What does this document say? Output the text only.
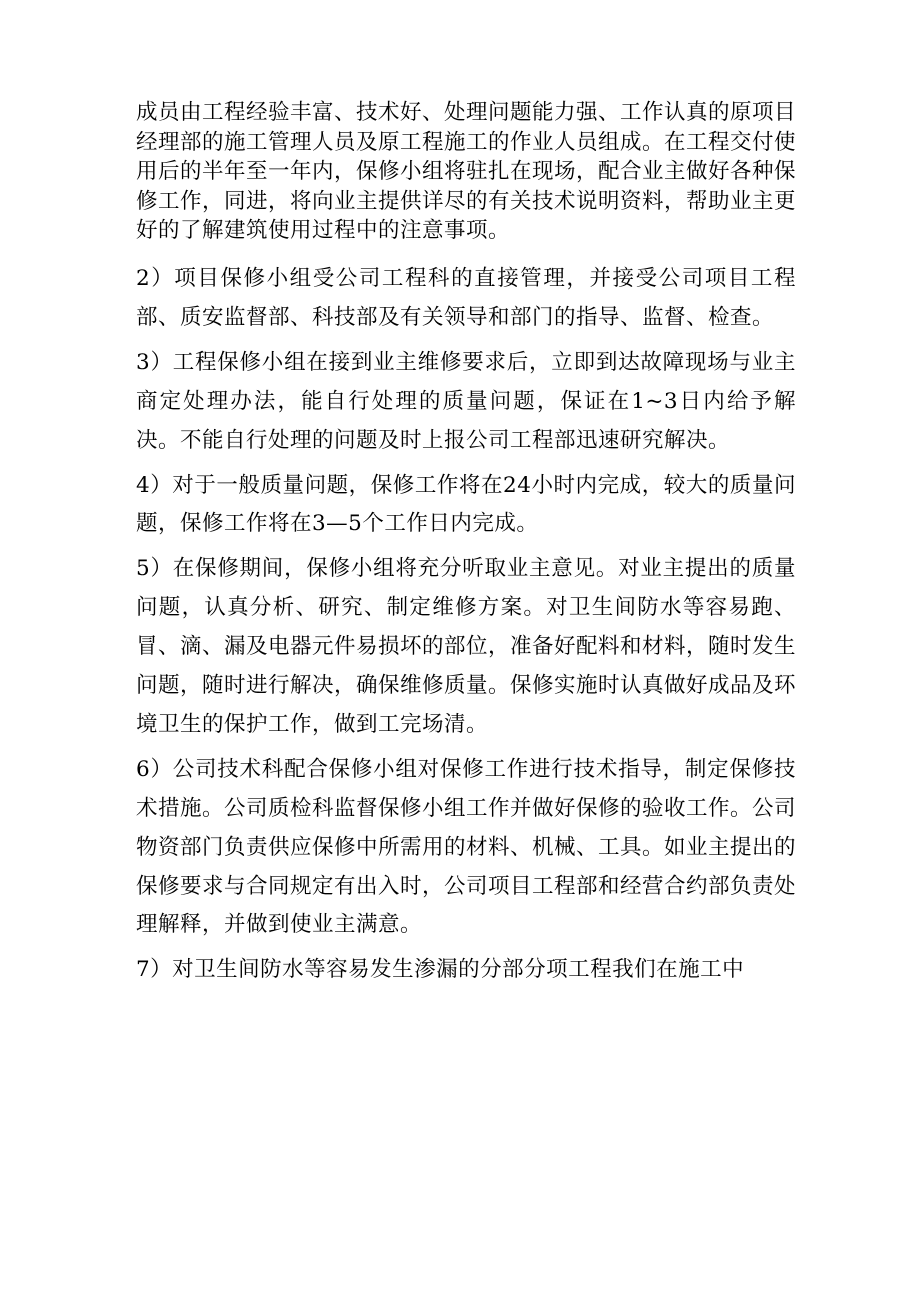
成员由工程经验丰富、技术好、处理问题能力强、工作认真的原项目经理部的施工管理人员及原工程施工的作业人员组成。在工程交付使用后的半年至一年内，保修小组将驻扎在现场，配合业主做好各种保修工作，同进，将向业主提供详尽的有关技术说明资料，帮助业主更好的了解建筑使用过程中的注意事项。

2）项目保修小组受公司工程科的直接管理，并接受公司项目工程部、质安监督部、科技部及有关领导和部门的指导、监督、检查。

3）工程保修小组在接到业主维修要求后，立即到达故障现场与业主商定处理办法，能自行处理的质量问题，保证在1~3日内给予解决。不能自行处理的问题及时上报公司工程部迅速研究解决。

4）对于一般质量问题，保修工作将在24小时内完成，较大的质量问题，保修工作将在3—5个工作日内完成。

5）在保修期间，保修小组将充分听取业主意见。对业主提出的质量问题，认真分析、研究、制定维修方案。对卫生间防水等容易跑、冒、滴、漏及电器元件易损坏的部位，准备好配料和材料，随时发生问题，随时进行解决，确保维修质量。保修实施时认真做好成品及环境卫生的保护工作，做到工完场清。

6）公司技术科配合保修小组对保修工作进行技术指导，制定保修技术措施。公司质检科监督保修小组工作并做好保修的验收工作。公司物资部门负责供应保修中所需用的材料、机械、工具。如业主提出的保修要求与合同规定有出入时，公司项目工程部和经营合约部负责处理解释，并做到使业主满意。

7）对卫生间防水等容易发生渗漏的分部分项工程我们在施工中
